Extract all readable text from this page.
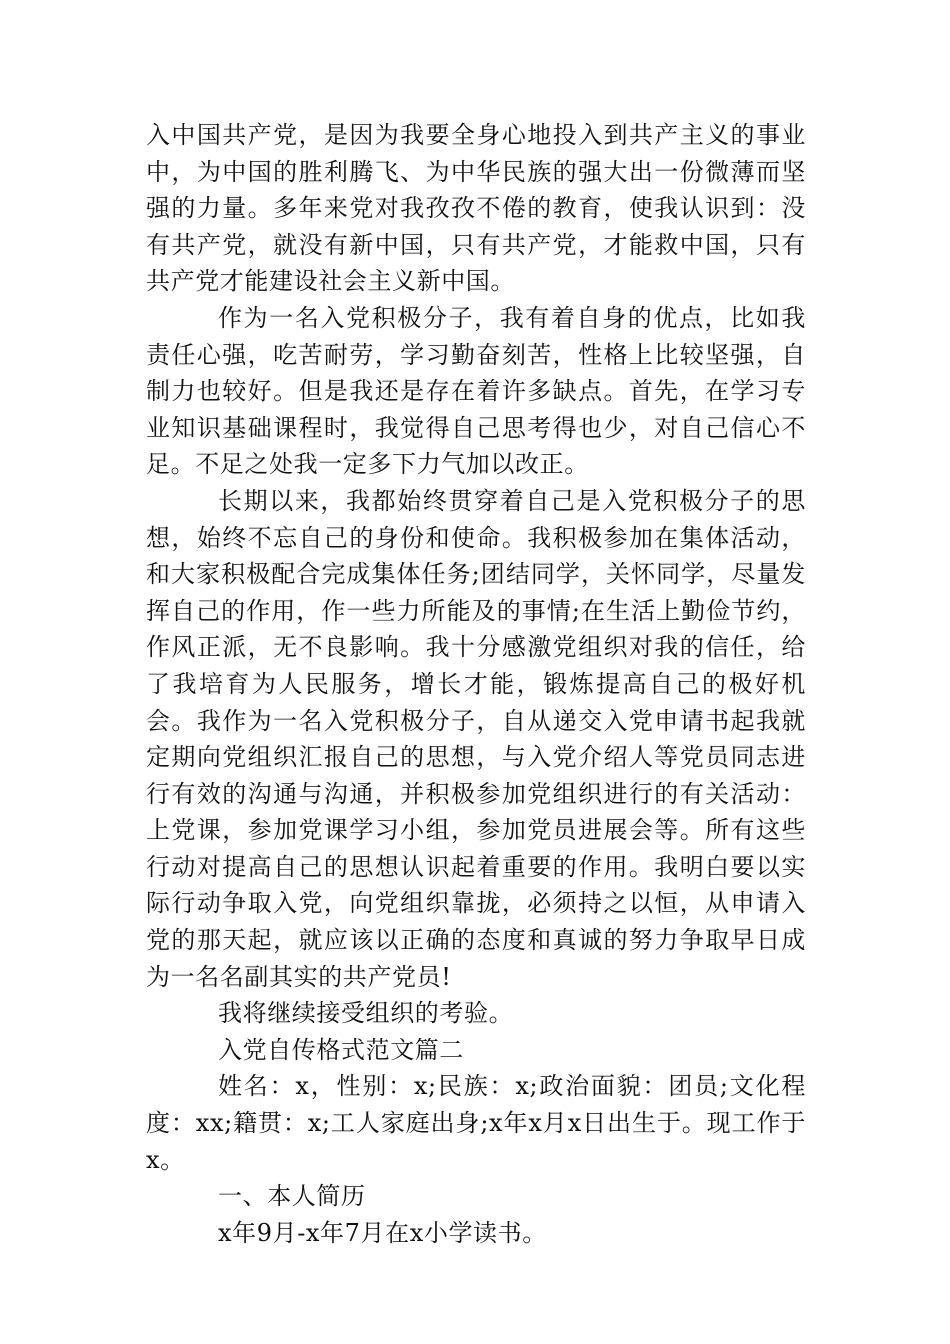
入中国共产党，是因为我要全身心地投入到共产主义的事业中，为中国的胜利腾飞、为中华民族的强大出一份微薄而坚强的力量。多年来党对我孜孜不倦的教育，使我认识到：没有共产党，就没有新中国，只有共产党，才能救中国，只有共产党才能建设社会主义新中国。

作为一名入党积极分子，我有着自身的优点，比如我责任心强，吃苦耐劳，学习勤奋刻苦，性格上比较坚强，自制力也较好。但是我还是存在着许多缺点。首先，在学习专业知识基础课程时，我觉得自己思考得也少，对自己信心不足。不足之处我一定多下力气加以改正。

长期以来，我都始终贯穿着自己是入党积极分子的思想，始终不忘自己的身份和使命。我积极参加在集体活动，和大家积极配合完成集体任务;团结同学，关怀同学，尽量发挥自己的作用，作一些力所能及的事情;在生活上勤俭节约，作风正派，无不良影响。我十分感激党组织对我的信任，给了我培育为人民服务，增长才能，锻炼提高自己的极好机会。我作为一名入党积极分子，自从递交入党申请书起我就定期向党组织汇报自己的思想，与入党介绍人等党员同志进行有效的沟通与沟通，并积极参加党组织进行的有关活动：上党课，参加党课学习小组，参加党员进展会等。所有这些行动对提高自己的思想认识起着重要的作用。我明白要以实际行动争取入党，向党组织靠拢，必须持之以恒，从申请入党的那天起，就应该以正确的态度和真诚的努力争取早日成为一名名副其实的共产党员!

我将继续接受组织的考验。

入党自传格式范文篇二

姓名：x，性别：x;民族：x;政治面貌：团员;文化程度：xx;籍贯：x;工人家庭出身;x年x月x日出生于。现工作于x。

一、本人简历

x年9月-x年7月在x小学读书。
